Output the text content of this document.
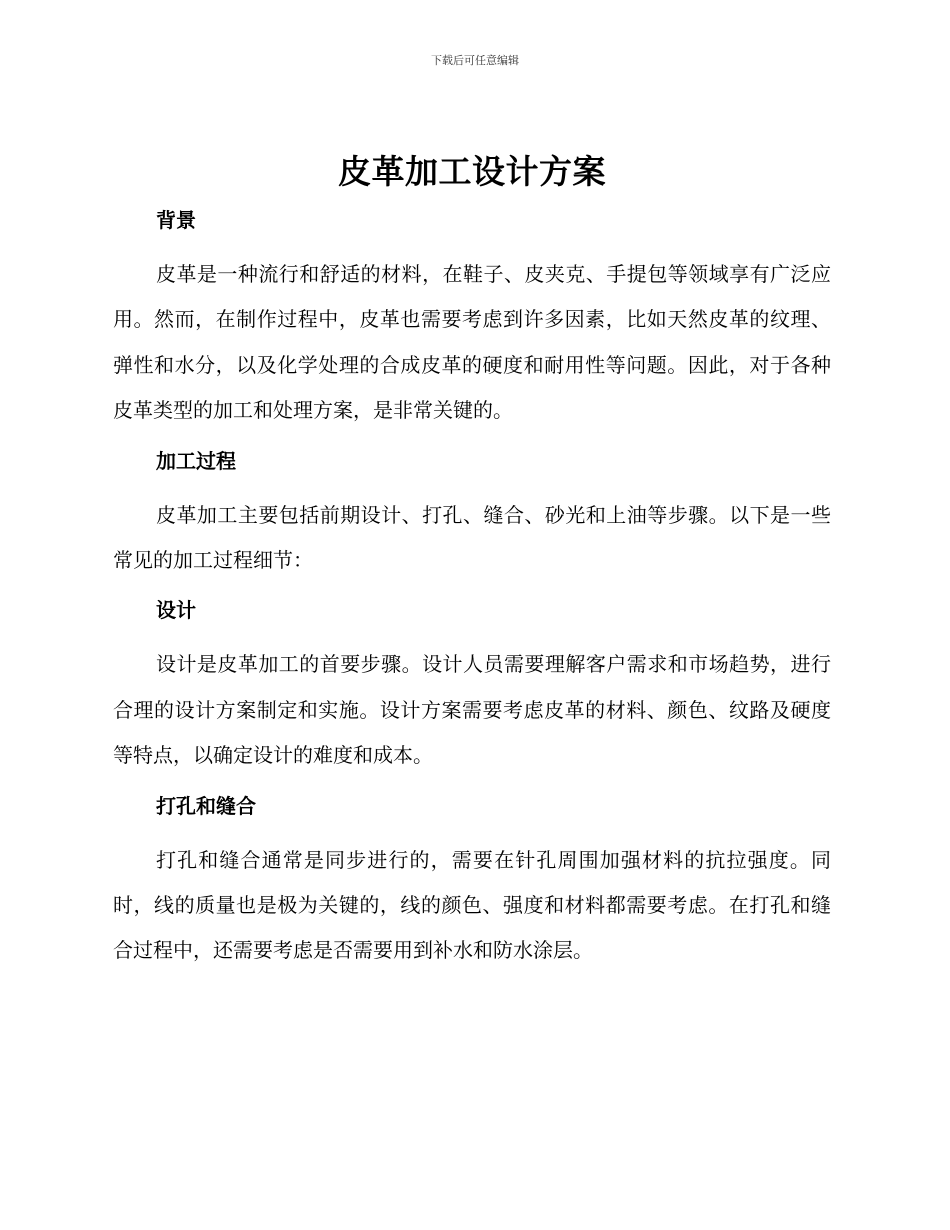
下载后可任意编辑
皮革加工设计方案
背景

皮革是一种流行和舒适的材料，在鞋子、皮夹克、手提包等领域享有广泛应用。然而，在制作过程中，皮革也需要考虑到许多因素，比如天然皮革的纹理、弹性和水分，以及化学处理的合成皮革的硬度和耐用性等问题。因此，对于各种皮革类型的加工和处理方案，是非常关键的。

加工过程

皮革加工主要包括前期设计、打孔、缝合、砂光和上油等步骤。以下是一些常见的加工过程细节：

设计

设计是皮革加工的首要步骤。设计人员需要理解客户需求和市场趋势，进行合理的设计方案制定和实施。设计方案需要考虑皮革的材料、颜色、纹路及硬度等特点，以确定设计的难度和成本。

打孔和缝合

打孔和缝合通常是同步进行的，需要在针孔周围加强材料的抗拉强度。同时，线的质量也是极为关键的，线的颜色、强度和材料都需要考虑。在打孔和缝合过程中，还需要考虑是否需要用到补水和防水涂层。
